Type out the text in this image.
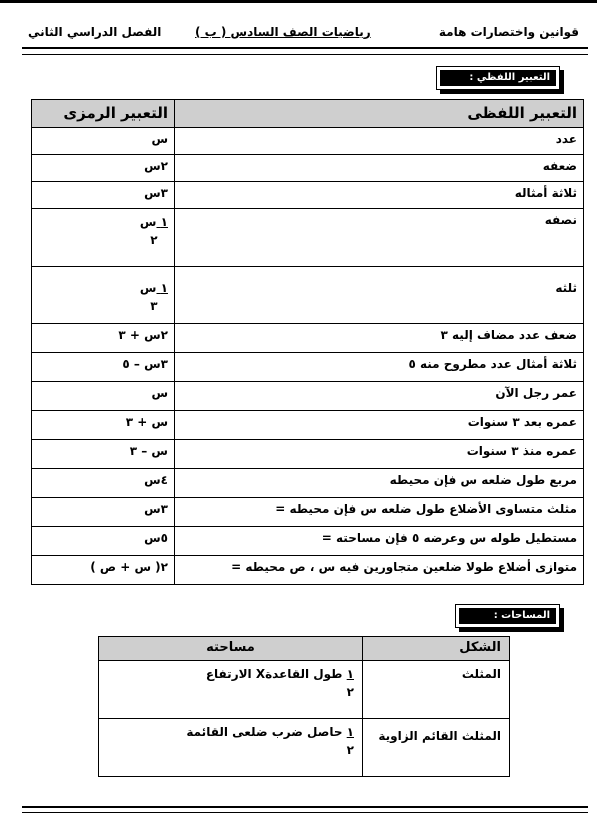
قوانين واختصارات هامة
رياضيات الصف السادس ( ب )
الفصل الدراسي الثاني
التعبير اللفظي :
التعبير اللفظى	التعبير الرمزى
عدد	س
ضعفه	٢س
ثلاثة أمثاله	٣س
نصفه	$\frac{\text{١ س}}{٢}$

ثلثه	$\frac{\text{١ س}}{٣}$

ضعف عدد مضاف إليه ٣	٢س + ٣
ثلاثة أمثال عدد مطروح منه ٥	٣س – ٥
عمر رجل الآن	س
عمره بعد ٣ سنوات	س + ٣
عمره منذ ٣ سنوات	س – ٣
مربع طول ضلعه س فإن محيطه	٤س
مثلث متساوى الأضلاع طول ضلعه س فإن محيطه =	٣س
مستطيل طوله س وعرضه ٥ فإن مساحته =	٥س
متوازى أضلاع طولا ضلعين متجاورين فيه س ، ص محيطه =	٢( س + ص )
المساحات :
الشكل	مساحته
المثلث	١ طول القاعدةX الارتفاع
٢

المثلث القائم الزاوية	١ حاصل ضرب ضلعى القائمة
٢
